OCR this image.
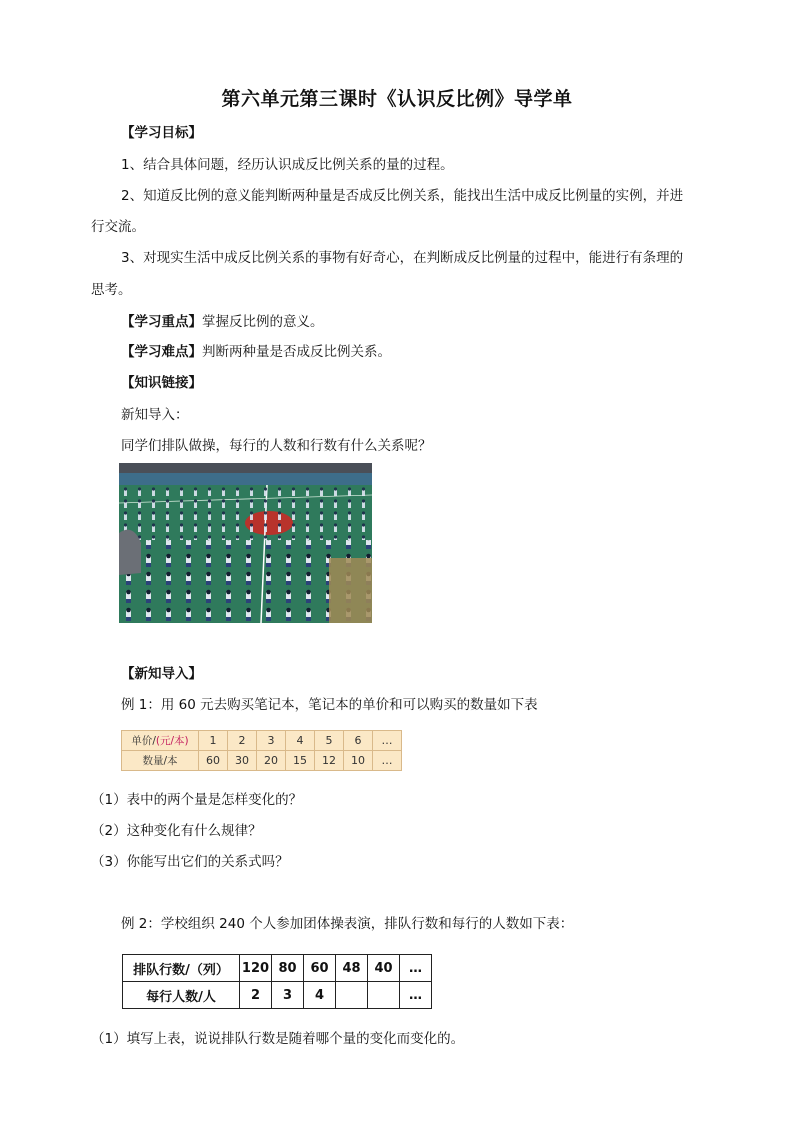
第六单元第三课时《认识反比例》导学单
【学习目标】
1、结合具体问题，经历认识成反比例关系的量的过程。
2、知道反比例的意义能判断两种量是否成反比例关系，能找出生活中成反比例量的实例，并进
行交流。
3、对现实生活中成反比例关系的事物有好奇心，在判断成反比例量的过程中，能进行有条理的
思考。
【学习重点】掌握反比例的意义。
【学习难点】判断两种量是否成反比例关系。
【知识链接】
新知导入：
同学们排队做操，每行的人数和行数有什么关系呢？
【新知导入】
例 1：用 60 元去购买笔记本，笔记本的单价和可以购买的数量如下表
单价/(元/本)	1	2	3	4	5	6	…
数量/本	60	30	20	15	12	10	…
（1）表中的两个量是怎样变化的？
（2）这种变化有什么规律？
（3）你能写出它们的关系式吗？
例 2：学校组织 240 个人参加团体操表演，排队行数和每行的人数如下表：
排队行数/（列）	120	80	60	48	40	…
每行人数/人	2	3	4			…
（1）填写上表，说说排队行数是随着哪个量的变化而变化的。
